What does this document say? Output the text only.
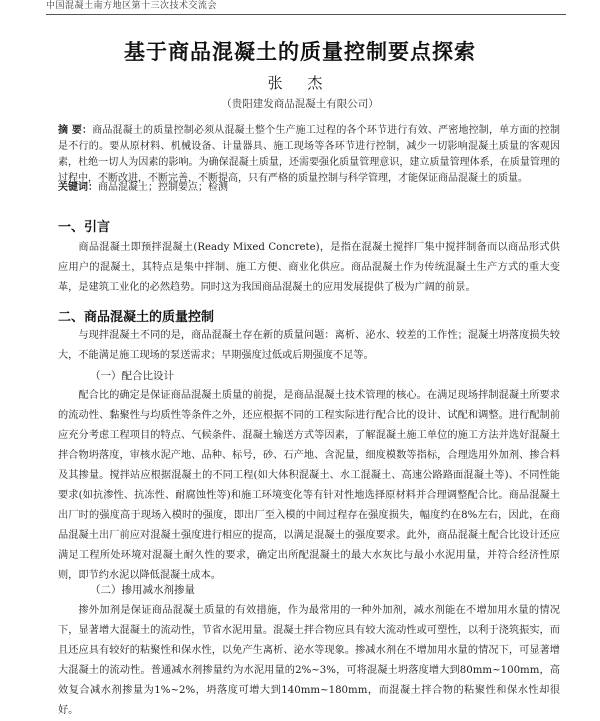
中国混凝土南方地区第十三次技术交流会
基于商品混凝土的质量控制要点探索
张 杰
（贵阳建发商品混凝土有限公司）
摘 要：商品混凝土的质量控制必须从混凝土整个生产施工过程的各个环节进行有效、严密地控制，单方面的控制是不行的。要从原材料、机械设备、计量器具、施工现场等各环节进行控制，减少一切影响混凝土质量的客观因素，杜绝一切人为因素的影响。为确保混凝土质量，还需要强化质量管理意识，建立质量管理体系，在质量管理的过程中，不断改进，不断完善，不断提高，只有严格的质量控制与科学管理，才能保证商品混凝土的质量。
关键词：商品混凝土；控制要点；检测
一、引言
商品混凝土即预拌混凝土(Ready Mixed Concrete)，是指在混凝土搅拌厂集中搅拌制备而以商品形式供应用户的混凝土，其特点是集中拌制、施工方便、商业化供应。商品混凝土作为传统混凝土生产方式的重大变革，是建筑工业化的必然趋势。同时这为我国商品混凝土的应用发展提供了极为广阔的前景。
二、商品混凝土的质量控制
与现拌混凝土不同的是，商品混凝土存在新的质量问题：离析、泌水、较差的工作性；混凝土坍落度损失较大，不能满足施工现场的泵送需求；早期强度过低或后期强度不足等。
（一）配合比设计
配合比的确定是保证商品混凝土质量的前提，是商品混凝土技术管理的核心。在满足现场拌制混凝土所要求的流动性、黏聚性与均质性等条件之外，还应根据不同的工程实际进行配合比的设计、试配和调整。进行配制前应充分考虑工程项目的特点、气候条件、混凝土输送方式等因素，了解混凝土施工单位的施工方法并选好混凝土拌合物坍落度，审核水泥产地、品种、标号，砂、石产地、含泥量，细度模数等指标，合理选用外加剂、掺合料及其掺量。搅拌站应根据混凝土的不同工程(如大体积混凝土、水工混凝土、高速公路路面混凝土等)、不同性能要求(如抗渗性、抗冻性、耐腐蚀性等)和施工环境变化等有针对性地选择原材料并合理调整配合比。商品混凝土出厂时的强度高于现场入模时的强度，即出厂至入模的中间过程存在强度损失，幅度约在8%左右，因此，在商品混凝土出厂前应对混凝土强度进行相应的提高，以满足混凝土的强度要求。此外，商品混凝土配合比设计还应满足工程所处环境对混凝土耐久性的要求，确定出所配混凝土的最大水灰比与最小水泥用量，并符合经济性原则，即节约水泥以降低混凝土成本。
（二）掺用减水剂掺量
掺外加剂是保证商品混凝土质量的有效措施，作为最常用的一种外加剂，减水剂能在不增加用水量的情况下，显著增大混凝土的流动性，节省水泥用量。混凝土拌合物应具有较大流动性或可塑性，以利于浇筑振实，而且还应具有较好的粘聚性和保水性，以免产生离析、泌水等现象。掺减水剂在不增加用水量的情况下，可显著增大混凝土的流动性。普通减水剂掺量约为水泥用量的2%~3%，可将混凝土坍落度增大到80mm~100mm，高效复合减水剂掺量为1%~2%，坍落度可增大到140mm~180mm，而混凝土拌合物的粘聚性和保水性却很好。
